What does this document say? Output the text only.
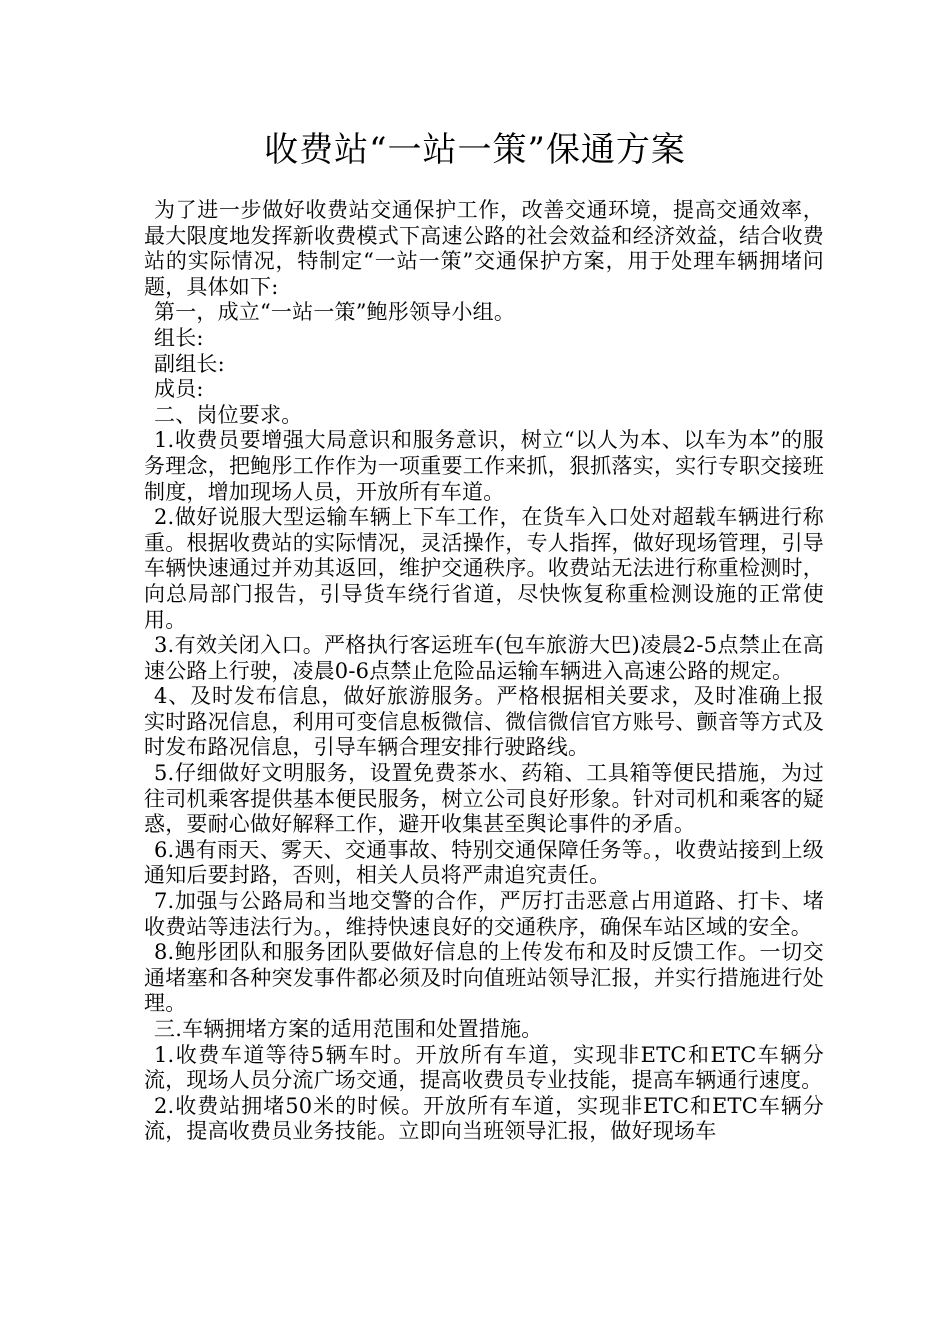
收费站“一站一策”保通方案

为了进一步做好收费站交通保护工作，改善交通环境，提高交通效率，最大限度地发挥新收费模式下高速公路的社会效益和经济效益，结合收费站的实际情况，特制定“一站一策”交通保护方案，用于处理车辆拥堵问题，具体如下:

第一，成立“一站一策”鲍彤领导小组。

组长:

副组长:

成员:

二、岗位要求。

1.收费员要增强大局意识和服务意识，树立“以人为本、以车为本”的服务理念，把鲍彤工作作为一项重要工作来抓，狠抓落实，实行专职交接班制度，增加现场人员，开放所有车道。

2.做好说服大型运输车辆上下车工作，在货车入口处对超载车辆进行称重。根据收费站的实际情况，灵活操作，专人指挥，做好现场管理，引导车辆快速通过并劝其返回，维护交通秩序。收费站无法进行称重检测时，向总局部门报告，引导货车绕行省道，尽快恢复称重检测设施的正常使用。

3.有效关闭入口。严格执行客运班车(包车旅游大巴)凌晨2-5点禁止在高速公路上行驶，凌晨0-6点禁止危险品运输车辆进入高速公路的规定。

4、及时发布信息，做好旅游服务。严格根据相关要求，及时准确上报实时路况信息，利用可变信息板微信、微信微信官方账号、颤音等方式及时发布路况信息，引导车辆合理安排行驶路线。

5.仔细做好文明服务，设置免费茶水、药箱、工具箱等便民措施，为过往司机乘客提供基本便民服务，树立公司良好形象。针对司机和乘客的疑惑，要耐心做好解释工作，避开收集甚至舆论事件的矛盾。

6.遇有雨天、雾天、交通事故、特别交通保障任务等。，收费站接到上级通知后要封路，否则，相关人员将严肃追究责任。

7.加强与公路局和当地交警的合作，严厉打击恶意占用道路、打卡、堵收费站等违法行为。，维持快速良好的交通秩序，确保车站区域的安全。

8.鲍彤团队和服务团队要做好信息的上传发布和及时反馈工作。一切交通堵塞和各种突发事件都必须及时向值班站领导汇报，并实行措施进行处理。

三.车辆拥堵方案的适用范围和处置措施。

1.收费车道等待5辆车时。开放所有车道，实现非ETC和ETC车辆分流，现场人员分流广场交通，提高收费员专业技能，提高车辆通行速度。

2.收费站拥堵50米的时候。开放所有车道，实现非ETC和ETC车辆分流，提高收费员业务技能。立即向当班领导汇报，做好现场车
